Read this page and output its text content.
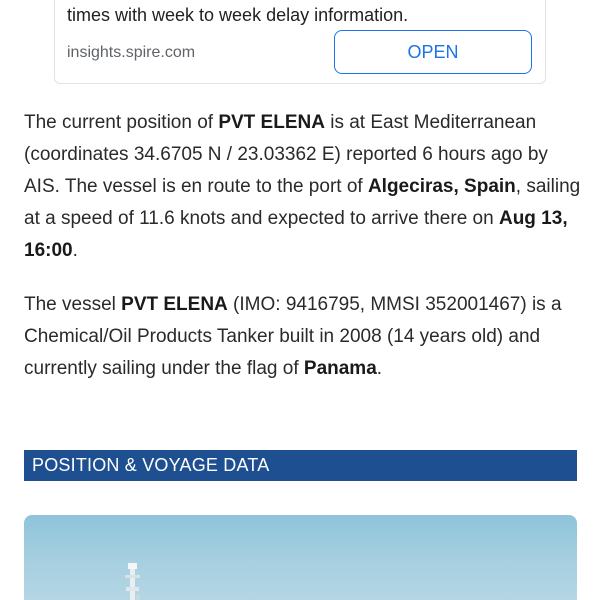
times with week to week delay information.
insights.spire.com	OPEN

The current position of PVT ELENA is at East Mediterranean (coordinates 34.6705 N / 23.03362 E) reported 6 hours ago by AIS. The vessel is en route to the port of Algeciras, Spain, sailing at a speed of 11.6 knots and expected to arrive there on Aug 13, 16:00.

The vessel PVT ELENA (IMO: 9416795, MMSI 352001467) is a Chemical/Oil Products Tanker built in 2008 (14 years old) and currently sailing under the flag of Panama.

POSITION & VOYAGE DATA
